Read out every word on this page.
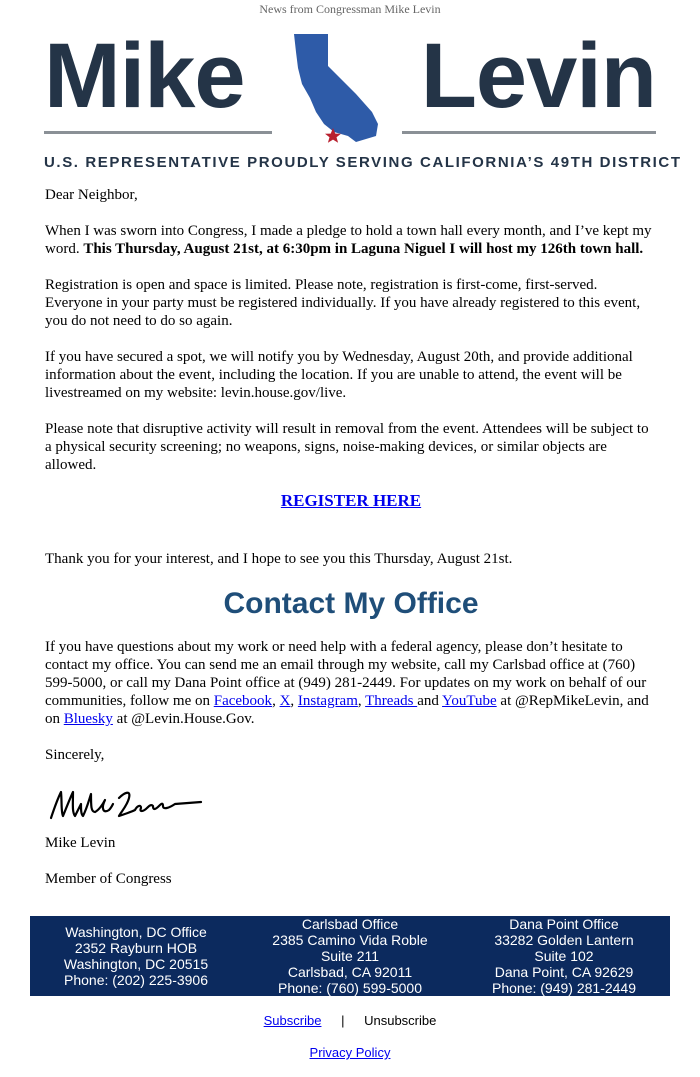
News from Congressman Mike Levin
Mike Levin
U.S. REPRESENTATIVE PROUDLY SERVING CALIFORNIA’S 49TH DISTRICT

Dear Neighbor,

When I was sworn into Congress, I made a pledge to hold a town hall every month, and I’ve kept my word. This Thursday, August 21st, at 6:30pm in Laguna Niguel I will host my 126th town hall.

Registration is open and space is limited. Please note, registration is first-come, first-served. Everyone in your party must be registered individually. If you have already registered to this event, you do not need to do so again.

If you have secured a spot, we will notify you by Wednesday, August 20th, and provide additional information about the event, including the location. If you are unable to attend, the event will be livestreamed on my website: levin.house.gov/live.

Please note that disruptive activity will result in removal from the event. Attendees will be subject to a physical security screening; no weapons, signs, noise-making devices, or similar objects are allowed.

REGISTER HERE

Thank you for your interest, and I hope to see you this Thursday, August 21st.

Contact My Office

If you have questions about my work or need help with a federal agency, please don’t hesitate to contact my office. You can send me an email through my website, call my Carlsbad office at (760) 599-5000, or call my Dana Point office at (949) 281-2449. For updates on my work on behalf of our communities, follow me on Facebook, X, Instagram, Threads and YouTube at @RepMikeLevin, and on Bluesky at @Levin.House.Gov.

Sincerely,

Mike Levin

Member of Congress

Washington, DC Office
2352 Rayburn HOB
Washington, DC 20515
Phone: (202) 225-3906
Carlsbad Office
2385 Camino Vida Roble
Suite 211
Carlsbad, CA 92011
Phone: (760) 599-5000
Dana Point Office
33282 Golden Lantern
Suite 102
Dana Point, CA 92629
Phone: (949) 281-2449
Subscribe | Unsubscribe
Privacy Policy
